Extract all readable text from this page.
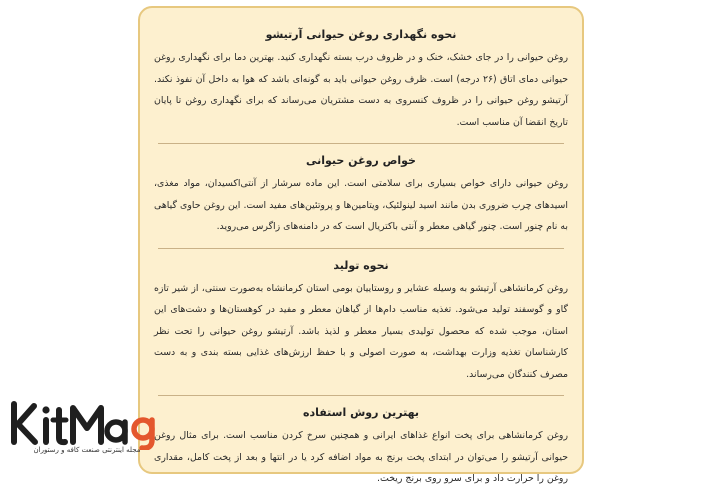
نحوه نگهداری روغن حیوانی آرتیشو

روغن حیوانی را در جای خشک، خنک و در ظروف درب بسته نگهداری کنید. بهترین دما برای نگهداری روغن حیوانی دمای اتاق (۲۶ درجه) است. ظرف روغن حیوانی باید به گونه‌ای باشد که هوا به داخل آن نفوذ نکند. آرتیشو روغن حیوانی را در ظروف کنسروی به دست مشتریان می‌رساند که برای نگهداری روغن تا پایان تاریخ انقضا آن مناسب است.

خواص روغن حیوانی

روغن حیوانی دارای خواص بسیاری برای سلامتی است. این ماده سرشار از آنتی‌اکسیدان، مواد مغذی، اسیدهای چرب ضروری بدن مانند اسید لینولئیک، ویتامین‌ها و پروتئین‌های مفید است. این روغن حاوی گیاهی به نام چنور است. چنور گیاهی معطر و آنتی باکتریال است که در دامنه‌های زاگرس می‌روید.

نحوه تولید

روغن کرمانشاهی آرتیشو به وسیله عشایر و روستاییان بومی استان کرمانشاه به‌صورت سنتی، از شیر تازه گاو و گوسفند تولید می‌شود. تغذیه مناسب دام‌ها از گیاهان معطر و مفید در کوهستان‌ها و دشت‌های این استان، موجب شده که محصول تولیدی بسیار معطر و لذیذ باشد. آرتیشو روغن حیوانی را تحت نظر کارشناسان تغذیه وزارت بهداشت، به صورت اصولی و با حفظ ارزش‌های غذایی بسته بندی و به دست مصرف کنندگان می‌رساند.

بهترین روش استفاده

روغن کرمانشاهی برای پخت انواع غذاهای ایرانی و همچنین سرخ کردن مناسب است. برای مثال روغن حیوانی آرتیشو را می‌توان در ابتدای پخت برنج به مواد اضافه کرد یا در انتها و بعد از پخت کامل، مقداری روغن را حرارت داد و برای سرو روی برنج ریخت.

مجله اینترنتی صنعت کافه و رستوران
